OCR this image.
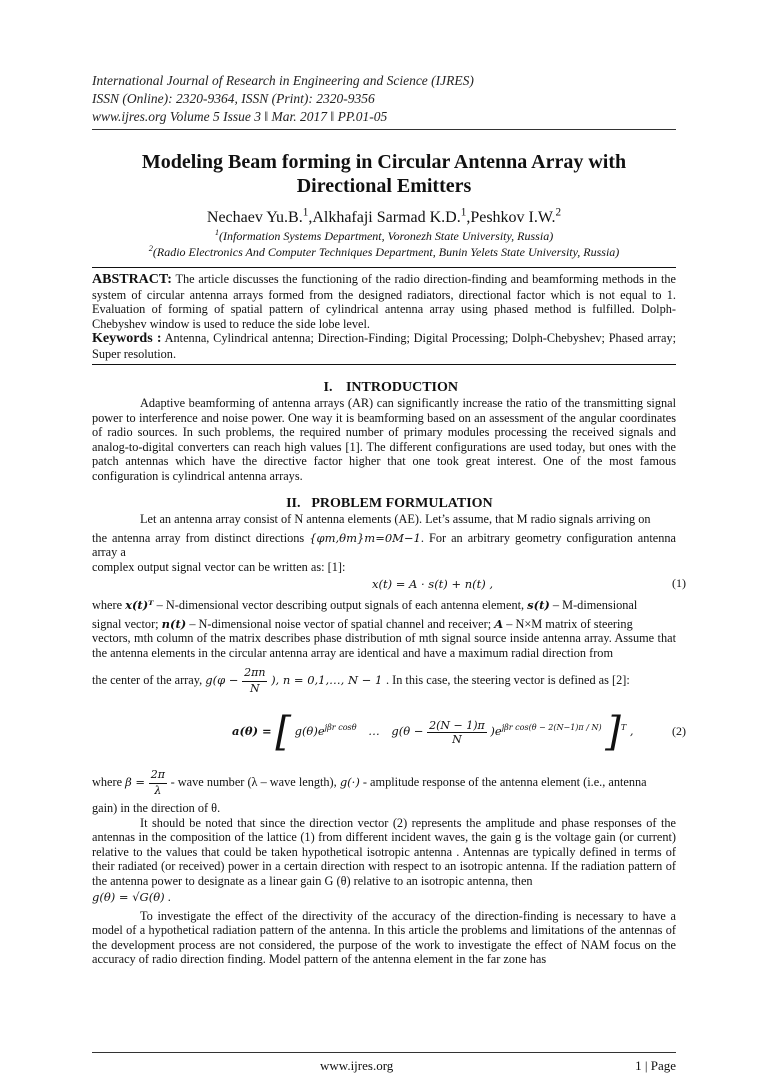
International Journal of Research in Engineering and Science (IJRES)
ISSN (Online): 2320-9364, ISSN (Print): 2320-9356
www.ijres.org Volume 5 Issue 3 ǁ Mar. 2017 ǁ PP.01-05
Modeling Beam forming in Circular Antenna Array with
Directional Emitters
Nechaev Yu.B.$^1$,Alkhafaji Sarmad K.D.$^1$,Peshkov I.W.$^2$
$^1$(Information Systems Department, Voronezh State University, Russia)
$^2$(Radio Electronics And Computer Techniques Department, Bunin Yelets State University, Russia)

ABSTRACT: The article discusses the functioning of the radio direction-finding and beamforming methods in the system of circular antenna arrays formed from the designed radiators, directional factor which is not equal to 1. Evaluation of forming of spatial pattern of cylindrical antenna array using phased method is fulfilled. Dolph-Chebyshev window is used to reduce the side lobe level.

Keywords : Antenna, Cylindrical antenna; Direction-Finding; Digital Processing; Dolph-Chebyshev; Phased array; Super resolution.

I. INTRODUCTION

Adaptive beamforming of antenna arrays (AR) can significantly increase the ratio of the transmitting signal power to interference and noise power. One way it is beamforming based on an assessment of the angular coordinates of radio sources. In such problems, the required number of primary modules processing the received signals and analog-to-digital converters can reach high values [1]. The different configurations are used today, but ones with the patch antennas which have the directive factor higher that one took great interest. One of the most famous configuration is cylindrical antenna arrays.

II. PROBLEM FORMULATION

Let an antenna array consist of N antenna elements (AE). Let’s assume, that M radio signals arriving on

the antenna array from distinct directions {φm,θm}m=0M−1. For an arbitrary geometry configuration antenna array a

complex output signal vector can be written as: [1]:

x(t) = A · s(t) + n(t) ,	(1)

where x(t)ᵀ – N-dimensional vector describing output signals of each antenna element, s(t) – M-dimensional

signal vector; n(t) – N-dimensional noise vector of spatial channel and receiver; A – N×M matrix of steering

vectors, mth column of the matrix describes phase distribution of mth signal source inside antenna array. Assume that the antenna elements in the circular antenna array are identical and have a maximum radial direction from

the center of the array, $g(\varphi - \frac{2\pi n}{N}$ ), n = 0,1,…, N − 1 . In this case, the steering vector is defined as [2]:

a(θ) = [ $g(\theta)e^{j\beta r cos\theta}$ … $g(\theta - \frac{2(N - 1)\pi}{N} )e^{j\beta r cos(\theta - 2(N-1)\pi / N)}$ ]$^T$ ,	(2)

where $\beta = \frac{2\pi}{\lambda}$ - wave number (λ – wave length), g(·) - amplitude response of the antenna element (i.e., antenna

gain) in the direction of θ.

It should be noted that since the direction vector (2) represents the amplitude and phase responses of the antennas in the composition of the lattice (1) from different incident waves, the gain g is the voltage gain (or current) relative to the values that could be taken hypothetical isotropic antenna . Antennas are typically defined in terms of their radiated (or received) power in a certain direction with respect to an isotropic antenna. If the radiation pattern of the antenna power to designate as a linear gain G (θ) relative to an isotropic antenna, then

g(θ) = √G(θ) .

To investigate the effect of the directivity of the accuracy of the direction-finding is necessary to have a model of a hypothetical radiation pattern of the antenna. In this article the problems and limitations of the antennas of the development process are not considered, the purpose of the work to investigate the effect of NAM focus on the accuracy of radio direction finding. Model pattern of the antenna element in the far zone has

www.ijres.org	1 | Page
